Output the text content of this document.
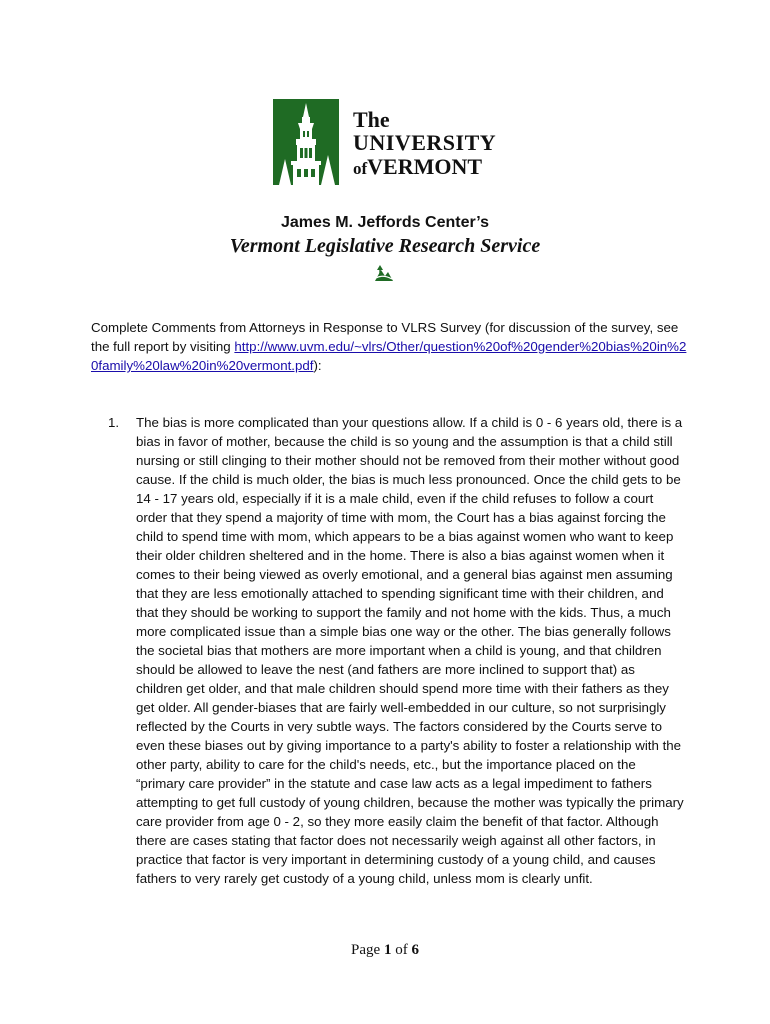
The
UNIVERSITY
ofVERMONT
James M. Jeffords Center’s
Vermont Legislative Research Service
Complete Comments from Attorneys in Response to VLRS Survey (for discussion of the survey, see the full report by visiting http://www.uvm.edu/~vlrs/Other/question%20of%20gender%20bias%20in%20family%20law%20in%20vermont.pdf):
1. The bias is more complicated than your questions allow. If a child is 0 - 6 years old, there is a bias in favor of mother, because the child is so young and the assumption is that a child still nursing or still clinging to their mother should not be removed from their mother without good cause. If the child is much older, the bias is much less pronounced. Once the child gets to be 14 - 17 years old, especially if it is a male child, even if the child refuses to follow a court order that they spend a majority of time with mom, the Court has a bias against forcing the child to spend time with mom, which appears to be a bias against women who want to keep their older children sheltered and in the home. There is also a bias against women when it comes to their being viewed as overly emotional, and a general bias against men assuming that they are less emotionally attached to spending significant time with their children, and that they should be working to support the family and not home with the kids. Thus, a much more complicated issue than a simple bias one way or the other. The bias generally follows the societal bias that mothers are more important when a child is young, and that children should be allowed to leave the nest (and fathers are more inclined to support that) as children get older, and that male children should spend more time with their fathers as they get older. All gender-biases that are fairly well-embedded in our culture, so not surprisingly reflected by the Courts in very subtle ways. The factors considered by the Courts serve to even these biases out by giving importance to a party's ability to foster a relationship with the other party, ability to care for the child's needs, etc., but the importance placed on the “primary care provider” in the statute and case law acts as a legal impediment to fathers attempting to get full custody of young children, because the mother was typically the primary care provider from age 0 - 2, so they more easily claim the benefit of that factor. Although there are cases stating that factor does not necessarily weigh against all other factors, in practice that factor is very important in determining custody of a young child, and causes fathers to very rarely get custody of a young child, unless mom is clearly unfit.
Page 1 of 6
